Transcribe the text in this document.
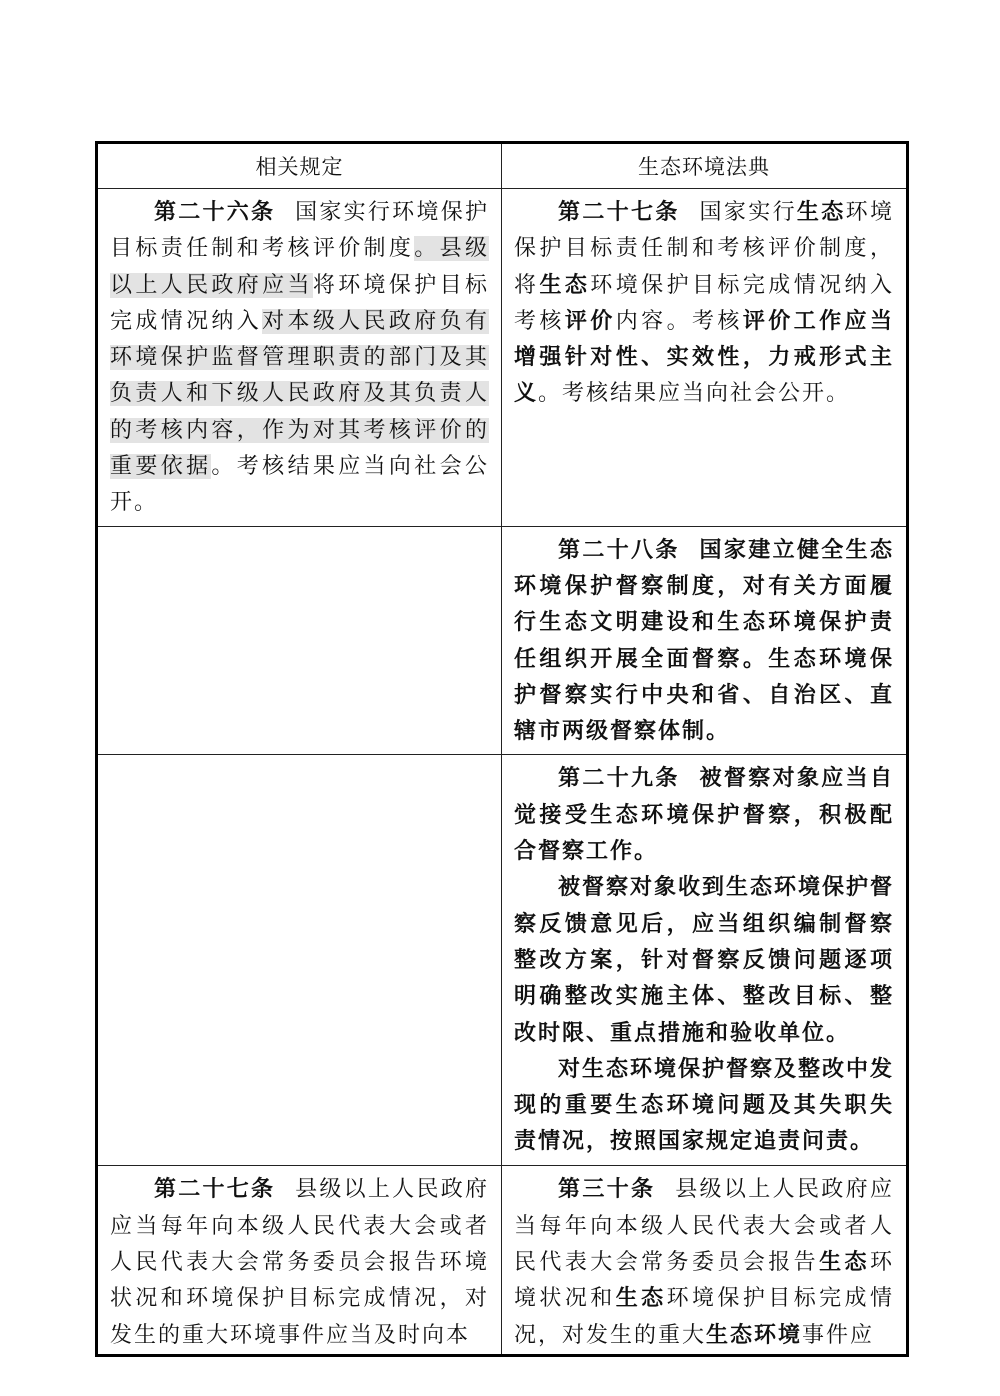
相关规定	生态环境法典

第二十六条 国家实行环境保护目标责任制和考核评价制度。县级以上人民政府应当将环境保护目标完成情况纳入对本级人民政府负有环境保护监督管理职责的部门及其负责人和下级人民政府及其负责人的考核内容，作为对其考核评价的重要依据。考核结果应当向社会公开。	第二十七条 国家实行生态环境保护目标责任制和考核评价制度，将生态环境保护目标完成情况纳入考核评价内容。考核评价工作应当增强针对性、实效性，力戒形式主义。考核结果应当向社会公开。

	第二十八条 国家建立健全生态环境保护督察制度，对有关方面履行生态文明建设和生态环境保护责任组织开展全面督察。生态环境保护督察实行中央和省、自治区、直辖市两级督察体制。

	第二十九条 被督察对象应当自觉接受生态环境保护督察，积极配合督察工作。

被督察对象收到生态环境保护督察反馈意见后，应当组织编制督察整改方案，针对督察反馈问题逐项明确整改实施主体、整改目标、整改时限、重点措施和验收单位。

对生态环境保护督察及整改中发现的重要生态环境问题及其失职失责情况，按照国家规定追责问责。

第二十七条 县级以上人民政府应当每年向本级人民代表大会或者人民代表大会常务委员会报告环境状况和环境保护目标完成情况，对发生的重大环境事件应当及时向本	第三十条 县级以上人民政府应当每年向本级人民代表大会或者人民代表大会常务委员会报告生态环境状况和生态环境保护目标完成情况，对发生的重大生态环境事件应
